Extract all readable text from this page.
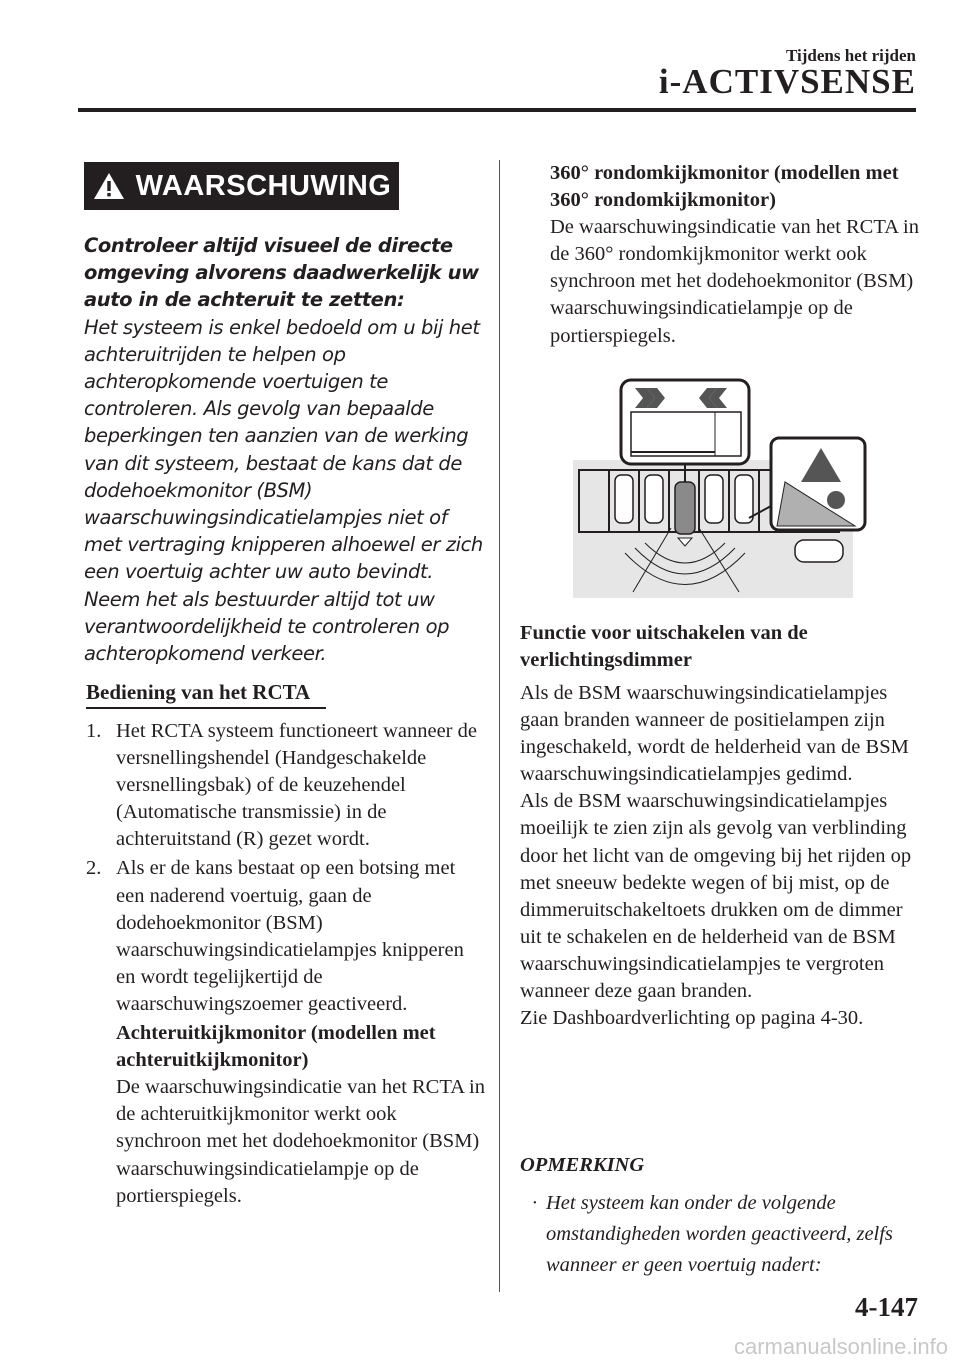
Tijdens het rijden
i-ACTIVSENSE
WAARSCHUWING
Controleer altijd visueel de directe omgeving alvorens daadwerkelijk uw auto in de achteruit te zetten:
Het systeem is enkel bedoeld om u bij het achteruitrijden te helpen op achteropkomende voertuigen te controleren. Als gevolg van bepaalde beperkingen ten aanzien van de werking van dit systeem, bestaat de kans dat de dodehoekmonitor (BSM) waarschuwingsindicatielampjes niet of met vertraging knipperen alhoewel er zich een voertuig achter uw auto bevindt. Neem het als bestuurder altijd tot uw verantwoordelijkheid te controleren op achteropkomend verkeer.
Bediening van het RCTA
1. Het RCTA systeem functioneert wanneer de versnellingshendel (Handgeschakelde versnellingsbak) of de keuzehendel (Automatische transmissie) in de achteruitstand (R) gezet wordt.
2. Als er de kans bestaat op een botsing met een naderend voertuig, gaan de dodehoekmonitor (BSM) waarschuwingsindicatielampjes knipperen en wordt tegelijkertijd de waarschuwingszoemer geactiveerd.
Achteruitkijkmonitor (modellen met achteruitkijkmonitor)
De waarschuwingsindicatie van het RCTA in de achteruitkijkmonitor werkt ook synchroon met het dodehoekmonitor (BSM) waarschuwingsindicatielampje op de portierspiegels.
360° rondomkijkmonitor (modellen met 360° rondomkijkmonitor)
De waarschuwingsindicatie van het RCTA in de 360° rondomkijkmonitor werkt ook synchroon met het dodehoekmonitor (BSM) waarschuwingsindicatielampje op de portierspiegels.
Functie voor uitschakelen van de verlichtingsdimmer
Als de BSM waarschuwingsindicatielampjes gaan branden wanneer de positielampen zijn ingeschakeld, wordt de helderheid van de BSM waarschuwingsindicatielampjes gedimd.
Als de BSM waarschuwingsindicatielampjes moeilijk te zien zijn als gevolg van verblinding door het licht van de omgeving bij het rijden op met sneeuw bedekte wegen of bij mist, op de dimmeruitschakeltoets drukken om de dimmer uit te schakelen en de helderheid van de BSM waarschuwingsindicatielampjes te vergroten wanneer deze gaan branden.
Zie Dashboardverlichting op pagina 4-30.
OPMERKING
· Het systeem kan onder de volgende omstandigheden worden geactiveerd, zelfs wanneer er geen voertuig nadert:
4-147
carmanualsonline.info
